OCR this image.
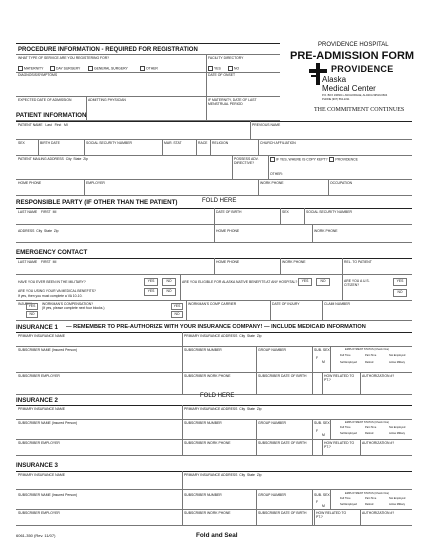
PROVIDENCE HOSPITAL
PRE-ADMISSION FORM
PROVIDENCE
Alaska
Medical Center
P.O. BOX 196604 • ANCHORAGE, ALASKA 99519-6604
PHONE (907) 562-2211
THE COMMITMENT CONTINUES
PROCEDURE INFORMATION - REQUIRED FOR REGISTRATION
WHAT TYPE OF SERVICE ARE YOU REGISTERING FOR?	FACILITY DIRECTORY
MATERNITY	DAY SURGERY	GENERAL SURGERY	OTHER	YES	NO
DIAGNOSIS/SYMPTOMS	DATE OF ONSET
EXPECTED DATE OF ADMISSION	ADMITTING PHYSICIAN	IF MATERNITY, DATE OF LAST MENSTRUAL PERIOD
PATIENT INFORMATION
PATIENT NAME Last First MI	PREVIOUS NAME
SEX	BIRTH DATE	SOCIAL SECURITY NUMBER	MAR. STAT	RACE RELIGION	CHURCH AFFILIATION
PATIENT MAILING ADDRESS City State Zip	POSSESS ADV. DIRECTIVE?
IF YES, WHERE IS COPY KEPT? PROVIDENCE
OTHER:
HOME PHONE	EMPLOYER	WORK PHONE	OCCUPATION
RESPONSIBLE PARTY (IF OTHER THAN THE PATIENT)	FOLD HERE
LAST NAME FIRST MI	DATE OF BIRTH	SEX	SOCIAL SECURITY NUMBER
ADDRESS City State Zip	HOME PHONE	WORK PHONE
EMERGENCY CONTACT
LAST NAME FIRST MI	HOME PHONE	WORK PHONE	REL. TO PATIENT
HAVE YOU EVER BEEN IN THE MILITARY?
ARE YOU USING YOUR VA MEDICAL BENEFITS?
If yes, then you must complete a VA 10-10.
YES	NO
YES	NO
ARE YOU ELIGIBLE FOR ALASKA NATIVE BENEFITS AT ANY HOSPITAL?	YES	NO	ARE YOU A U.S. CITIZEN?
YES
NO
INJURY?
YES
NO
WORKMAN'S COMPENSATION?
(If yes, please complete next four blocks.)	YES
NO
WORKMAN'S COMP CARRIER	DATE OF INJURY	CLAIM NUMBER
INSURANCE 1 — REMEMBER TO PRE-AUTHORIZE WITH YOUR INSURANCE COMPANY! — INCLUDE MEDICAID INFORMATION
PRIMARY INSURANCE NAME	PRIMARY INSURANCE ADDRESS City State Zip
SUBSCRIBER NAME (Insured Person)	SUBSCRIBER NUMBER	GROUP NUMBER	SUB. SEX
F
M
EMPLOYMENT STATUS (Check One)
Full Time	Part-Time	Not Employed
Self-Employed	Retired	Active Military
SUBSCRIBER EMPLOYER	SUBSCRIBER WORK PHONE	SUBSCRIBER DATE OF BIRTH	HOW RELATED TO PT.?
AUTHORIZATION #?
INSURANCE 2
FOLD HERE
PRIMARY INSURANCE NAME	PRIMARY INSURANCE ADDRESS City State Zip
SUBSCRIBER NAME (Insured Person)	SUBSCRIBER NUMBER	GROUP NUMBER	SUB. SEX
F
M
EMPLOYMENT STATUS (Check One)
Full Time	Part-Time	Not Employed
Self-Employed	Retired	Active Military
SUBSCRIBER EMPLOYER	SUBSCRIBER WORK PHONE	SUBSCRIBER DATE OF BIRTH	HOW RELATED TO PT.?
AUTHORIZATION #?
INSURANCE 3
PRIMARY INSURANCE NAME	PRIMARY INSURANCE ADDRESS City State Zip
SUBSCRIBER NAME (Insured Person)	SUBSCRIBER NUMBER	GROUP NUMBER	SUB. SEX
F
M
EMPLOYMENT STATUS (Check One)
Full Time	Part-Time	Not Employed
Self-Employed	Retired	Active Military
SUBSCRIBER EMPLOYER	SUBSCRIBER WORK PHONE	SUBSCRIBER DATE OF BIRTH	HOW RELATED TO PT.?
AUTHORIZATION #?
6061-350 (Rev. 11/07)	Fold and Seal
